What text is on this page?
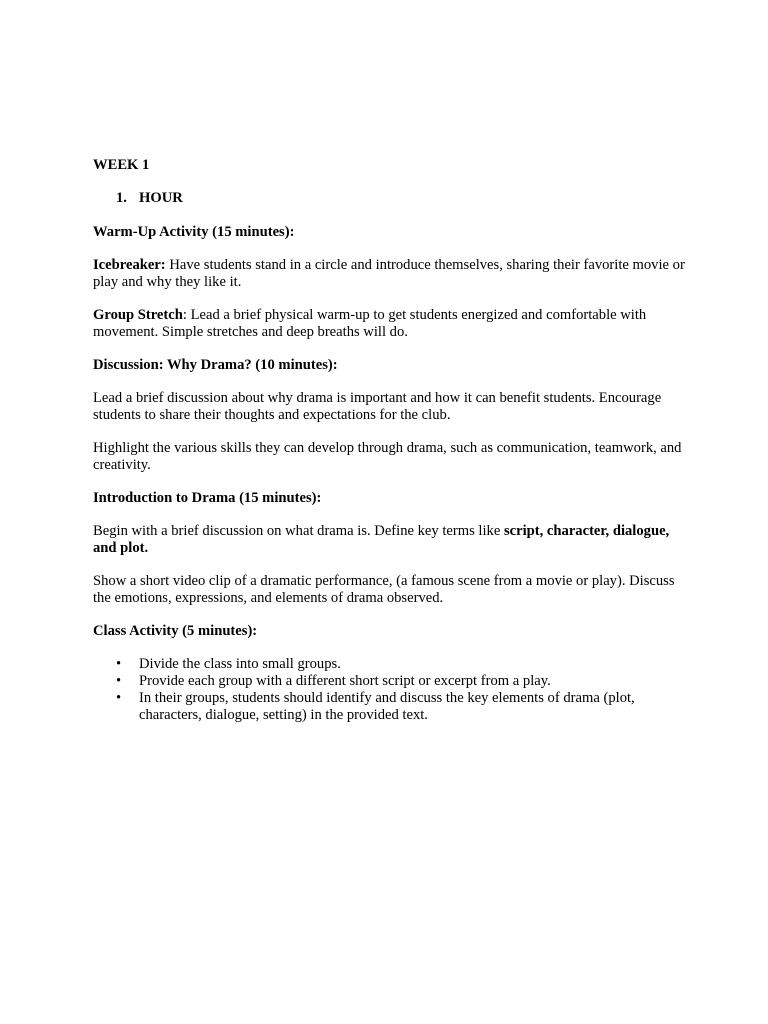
WEEK 1

1. HOUR

Warm-Up Activity (15 minutes):

Icebreaker: Have students stand in a circle and introduce themselves, sharing their favorite movie or play and why they like it.

Group Stretch: Lead a brief physical warm-up to get students energized and comfortable with movement. Simple stretches and deep breaths will do.

Discussion: Why Drama? (10 minutes):

Lead a brief discussion about why drama is important and how it can benefit students. Encourage students to share their thoughts and expectations for the club.

Highlight the various skills they can develop through drama, such as communication, teamwork, and creativity.

Introduction to Drama (15 minutes):

Begin with a brief discussion on what drama is. Define key terms like script, character, dialogue, and plot.

Show a short video clip of a dramatic performance, (a famous scene from a movie or play). Discuss the emotions, expressions, and elements of drama observed.

Class Activity (5 minutes):

•	Divide the class into small groups.
•	Provide each group with a different short script or excerpt from a play.
•	In their groups, students should identify and discuss the key elements of drama (plot, characters, dialogue, setting) in the provided text.
